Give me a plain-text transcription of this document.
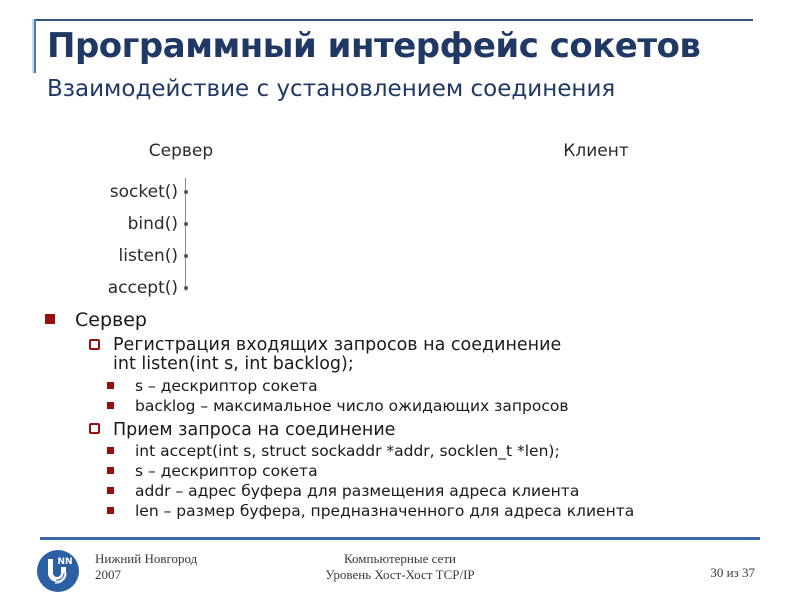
Программный интерфейс сокетов
Взаимодействие с установлением соединения
Сервер	Клиент
socket()
bind()
listen()
accept()
Сервер
Регистрация входящих запросов на соединение
int listen(int s, int backlog);
s – дескриптор сокета
backlog – максимальное число ожидающих запросов
Прием запроса на соединение
int accept(int s, struct sockaddr *addr, socklen_t *len);
s – дескриптор сокета
addr – адрес буфера для размещения адреса клиента
len – размер буфера, предназначенного для адреса клиента
NN Нижний Новгород
2007
Компьютерные сети
Уровень Хост-Хост TCP/IP	30 из 37
